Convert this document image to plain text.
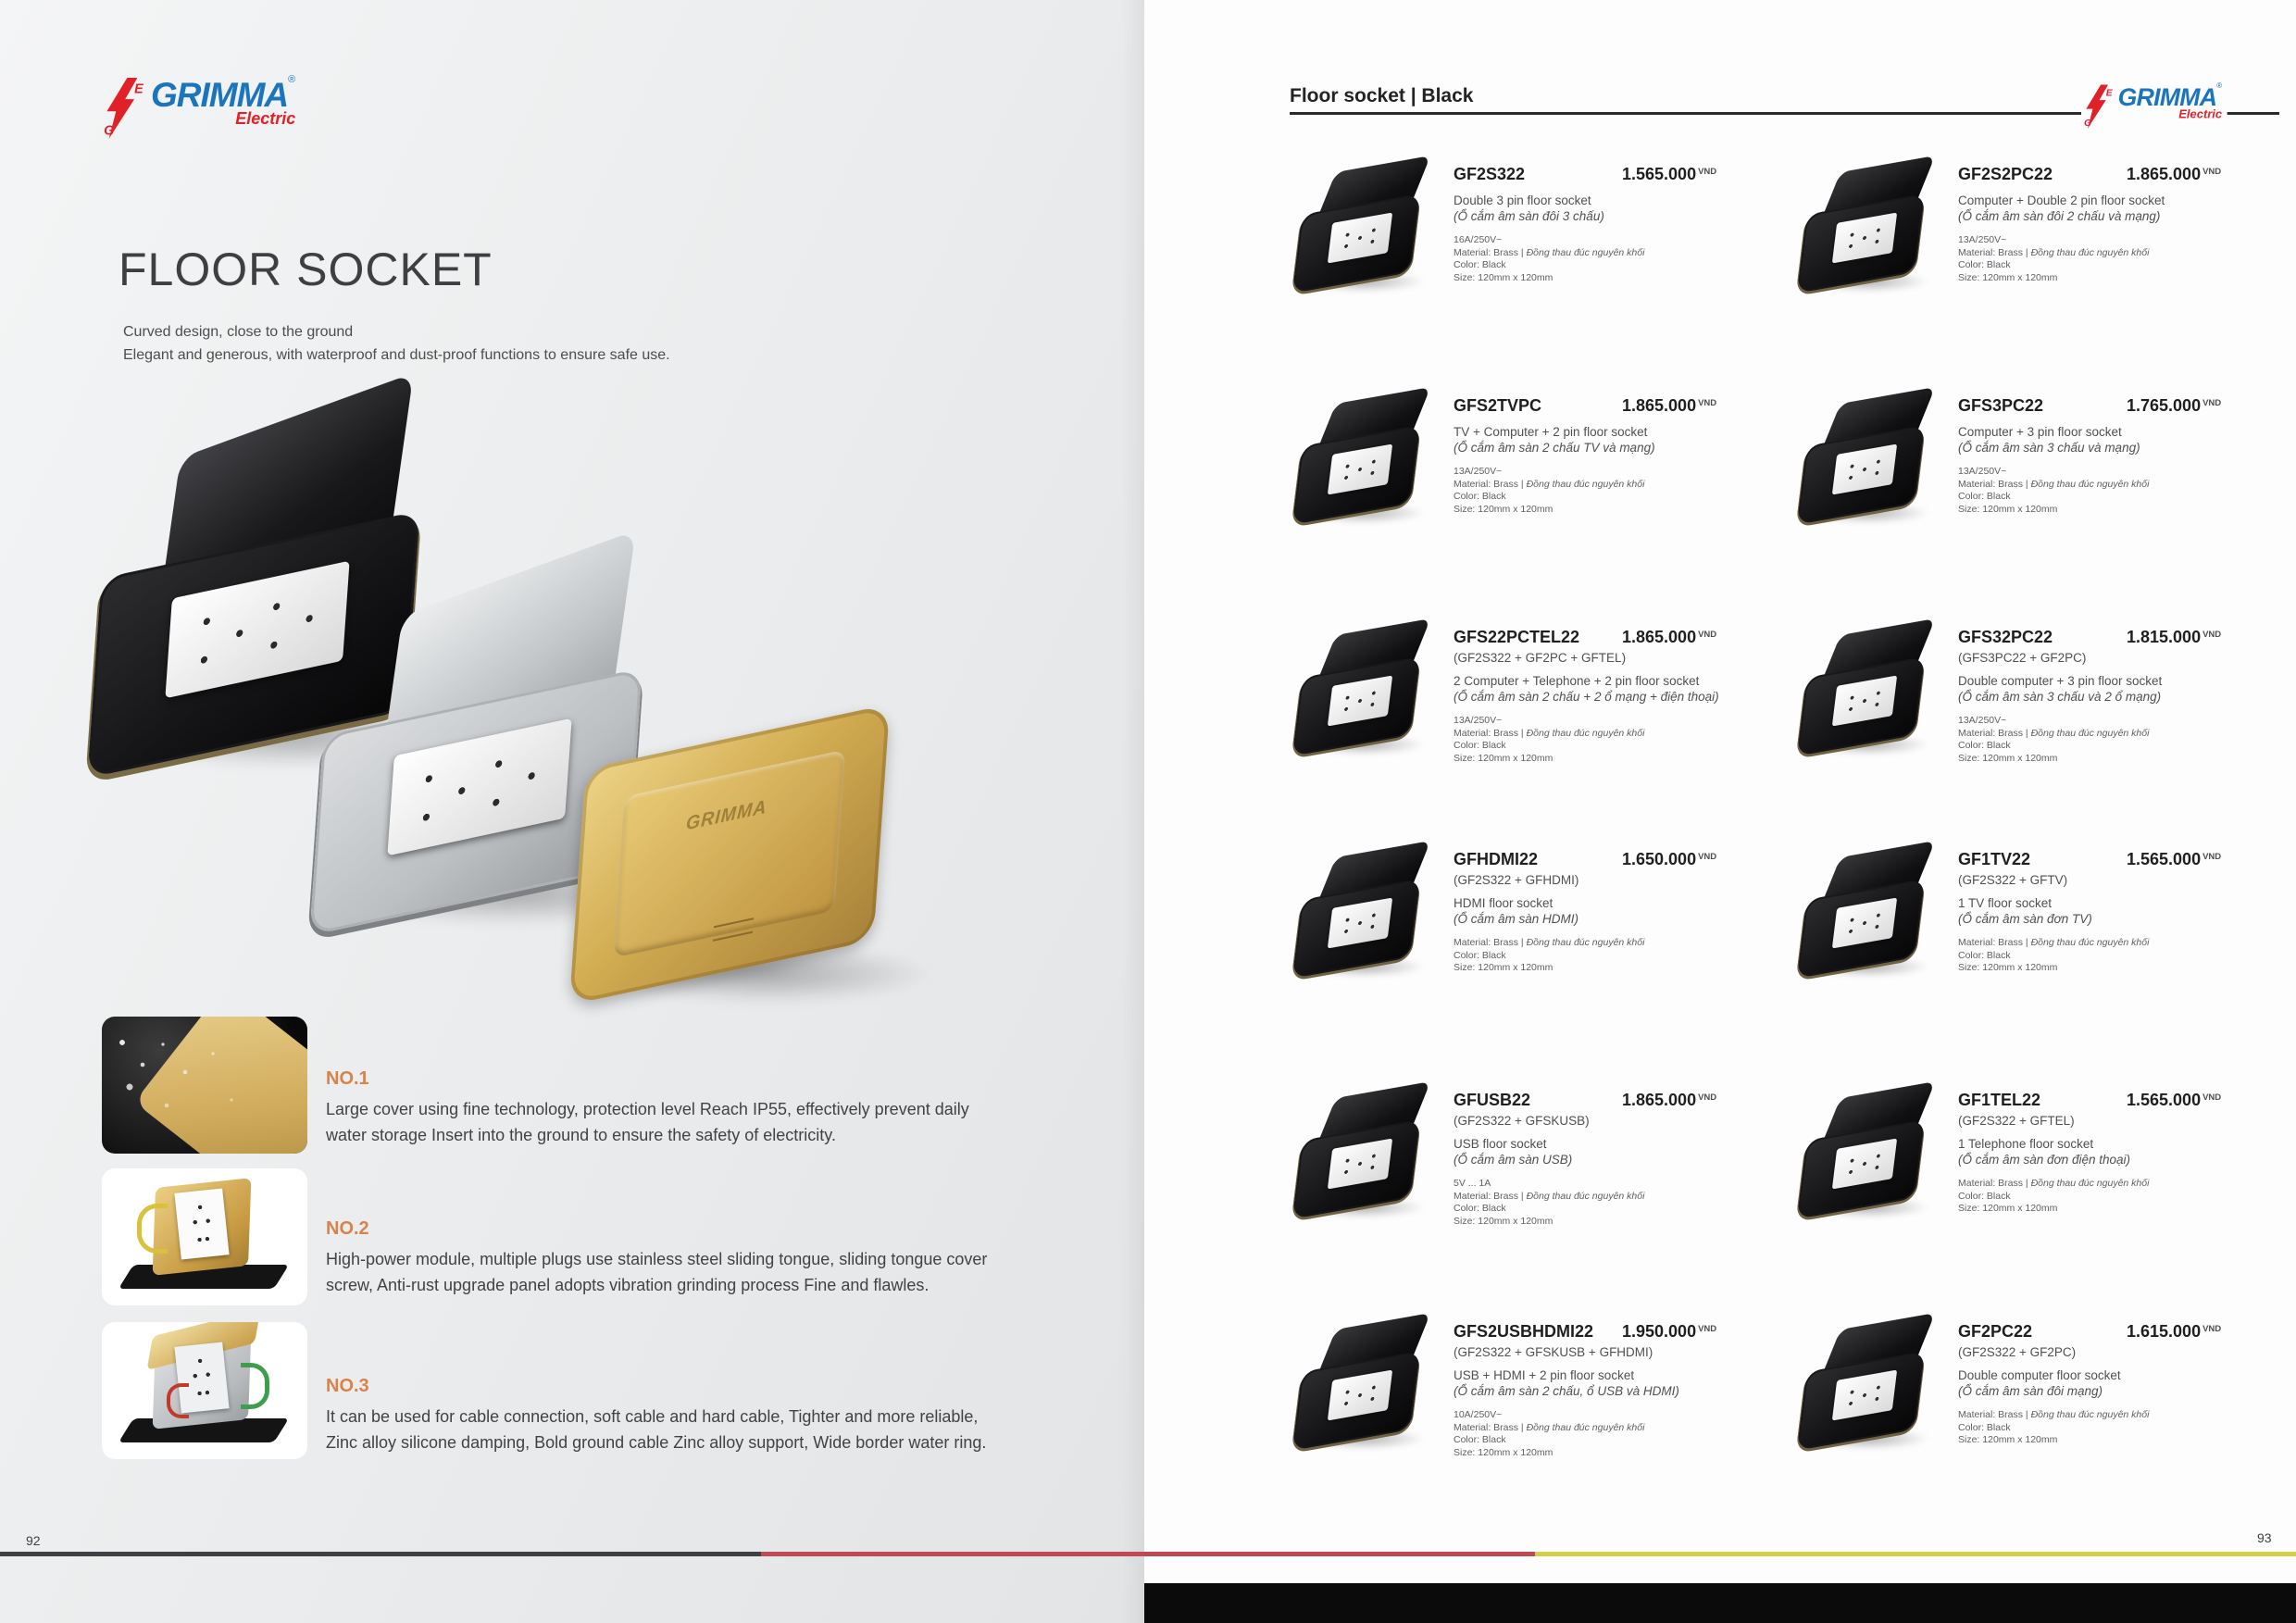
E
G
GRIMMA®
Electric
FLOOR SOCKET
Curved design, close to the ground
Elegant and generous, with waterproof and dust-proof functions to ensure safe use.
GRIMMA
NO.1
Large cover using fine technology, protection level Reach IP55, effectively prevent daily water storage Insert into the ground to ensure the safety of electricity.
NO.2
High-power module, multiple plugs use stainless steel sliding tongue, sliding tongue cover screw, Anti-rust upgrade panel adopts vibration grinding process Fine and flawles.
NO.3
It can be used for cable connection, soft cable and hard cable, Tighter and more reliable, Zinc alloy silicone damping, Bold ground cable Zinc alloy support, Wide border water ring.
Floor socket | Black	E
G
GRIMMA®
Electric
GF2S322	1.565.000 VND
Double 3 pin floor socket
(Ổ cắm âm sàn đôi 3 chấu)
16A/250V~
Material: Brass | Đồng thau đúc nguyên khối
Color: Black
Size: 120mm x 120mm
GF2S2PC22	1.865.000 VND
Computer + Double 2 pin floor socket
(Ổ cắm âm sàn đôi 2 chấu và mạng)
13A/250V~
Material: Brass | Đồng thau đúc nguyên khối
Color: Black
Size: 120mm x 120mm
GFS2TVPC	1.865.000 VND
TV + Computer + 2 pin floor socket
(Ổ cắm âm sàn 2 chấu TV và mạng)
13A/250V~
Material: Brass | Đồng thau đúc nguyên khối
Color: Black
Size: 120mm x 120mm
GFS3PC22	1.765.000 VND
Computer + 3 pin floor socket
(Ổ cắm âm sàn 3 chấu và mạng)
13A/250V~
Material: Brass | Đồng thau đúc nguyên khối
Color: Black
Size: 120mm x 120mm
GFS22PCTEL22	1.865.000 VND
(GF2S322 + GF2PC + GFTEL)
2 Computer + Telephone + 2 pin floor socket
(Ổ cắm âm sàn 2 chấu + 2 ổ mạng + điện thoại)
13A/250V~
Material: Brass | Đồng thau đúc nguyên khối
Color: Black
Size: 120mm x 120mm
GFS32PC22	1.815.000 VND
(GFS3PC22 + GF2PC)
Double computer + 3 pin floor socket
(Ổ cắm âm sàn 3 chấu và 2 ổ mạng)
13A/250V~
Material: Brass | Đồng thau đúc nguyên khối
Color: Black
Size: 120mm x 120mm
GFHDMI22	1.650.000 VND
(GF2S322 + GFHDMI)
HDMI floor socket
(Ổ cắm âm sàn HDMI)
Material: Brass | Đồng thau đúc nguyên khối
Color: Black
Size: 120mm x 120mm
GF1TV22	1.565.000 VND
(GF2S322 + GFTV)
1 TV floor socket
(Ổ cắm âm sàn đơn TV)
Material: Brass | Đồng thau đúc nguyên khối
Color: Black
Size: 120mm x 120mm
GFUSB22	1.865.000 VND
(GF2S322 + GFSKUSB)
USB floor socket
(Ổ cắm âm sàn USB)
5V ... 1A
Material: Brass | Đồng thau đúc nguyên khối
Color: Black
Size: 120mm x 120mm
GF1TEL22	1.565.000 VND
(GF2S322 + GFTEL)
1 Telephone floor socket
(Ổ cắm âm sàn đơn điện thoại)
Material: Brass | Đồng thau đúc nguyên khối
Color: Black
Size: 120mm x 120mm
GFS2USBHDMI22	1.950.000 VND
(GF2S322 + GFSKUSB + GFHDMI)
USB + HDMI + 2 pin floor socket
(Ổ cắm âm sàn 2 chấu, ổ USB và HDMI)
10A/250V~
Material: Brass | Đồng thau đúc nguyên khối
Color: Black
Size: 120mm x 120mm
GF2PC22	1.615.000 VND
(GF2S322 + GF2PC)
Double computer floor socket
(Ổ cắm âm sàn đôi mạng)
Material: Brass | Đồng thau đúc nguyên khối
Color: Black
Size: 120mm x 120mm
92	93
